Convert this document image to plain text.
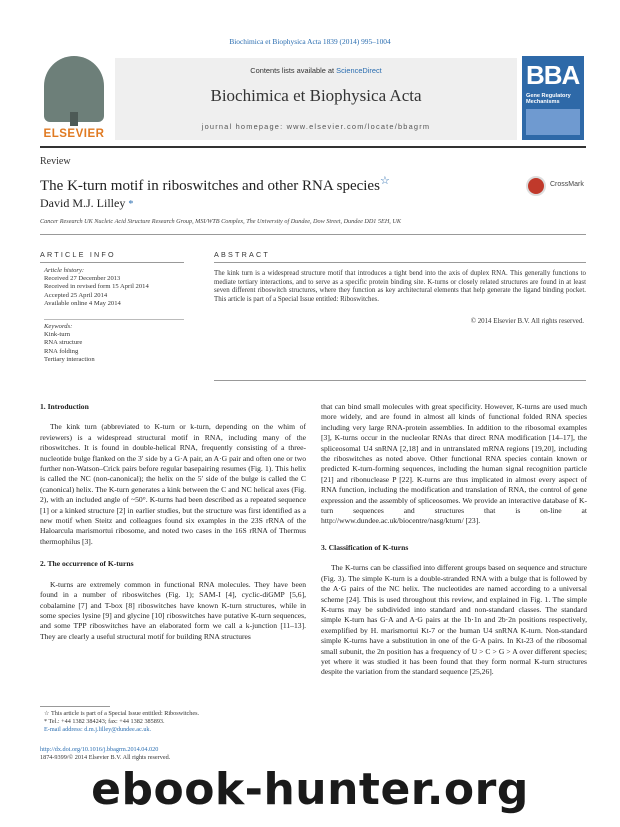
Biochimica et Biophysica Acta 1839 (2014) 995–1004
ELSEVIER
Contents lists available at ScienceDirect
Biochimica et Biophysica Acta
journal homepage: www.elsevier.com/locate/bbagrm
BBA
Gene Regulatory Mechanisms
Review
The K-turn motif in riboswitches and other RNA species☆
David M.J. Lilley *
CrossMark
Cancer Research UK Nucleic Acid Structure Research Group, MSI/WTB Complex, The University of Dundee, Dow Street, Dundee DD1 5EH, UK
ARTICLE INFO
Article history:
Received 27 December 2013
Received in revised form 15 April 2014
Accepted 25 April 2014
Available online 4 May 2014
Keywords:
Kink-turn
RNA structure
RNA folding
Tertiary interaction
ABSTRACT
The kink turn is a widespread structure motif that introduces a tight bend into the axis of duplex RNA. This generally functions to mediate tertiary interactions, and to serve as a specific protein binding site. K-turns or closely related structures are found in at least seven different riboswitch structures, where they function as key architectural elements that help generate the ligand binding pocket. This article is part of a Special Issue entitled: Riboswitches.
© 2014 Elsevier B.V. All rights reserved.
1. Introduction

The kink turn (abbreviated to K-turn or k-turn, depending on the whim of reviewers) is a widespread structural motif in RNA, including many of the riboswitches. It is found in double-helical RNA, frequently consisting of a three-nucleotide bulge flanked on the 3′ side by a G·A pair, an A·G pair and often one or two further non-Watson–Crick pairs before regular basepairing resumes (Fig. 1). This helix is called the NC (non-canonical); the helix on the 5′ side of the bulge is called the C (canonical) helix. The K-turn generates a kink between the C and NC helical axes (Fig. 2), with an included angle of ~50°. K-turns had been described as a repeated sequence [1] or a kinked structure [2] in earlier studies, but the structure was first identified as a new motif when Steitz and colleagues found six examples in the 23S rRNA of the Haloarcula marismortui ribosome, and noted two cases in the 16S rRNA of Thermus thermophilus [3].

2. The occurrence of K-turns

K-turns are extremely common in functional RNA molecules. They have been found in a number of riboswitches (Fig. 1); SAM-I [4], cyclic-diGMP [5,6], cobalamine [7] and T-box [8] riboswitches have known K-turn structures, while in some species lysine [9] and glycine [10] riboswitches have putative K-turn sequences, and some TPP riboswitches have an elaborated form we call a k-junction [11–13]. They are clearly a useful structural motif for building RNA structures

that can bind small molecules with great specificity. However, K-turns are used much more widely, and are found in almost all kinds of functional folded RNA species including very large RNA-protein assemblies. In addition to the ribosomal examples [3], K-turns occur in the nucleolar RNAs that direct RNA modification [14–17], the spliceosomal U4 snRNA [2,18] and in untranslated mRNA regions [19,20], including the riboswitches as noted above. Other functional RNA species contain known or predicted K-turn-forming sequences, including the human signal recognition particle [21] and ribonuclease P [22]. K-turns are thus implicated in almost every aspect of RNA function, including the modification and translation of RNA, the control of gene expression and the assembly of spliceosomes. We provide an interactive database of K-turn sequences and structures that is on-line at http://www.dundee.ac.uk/biocentre/nasg/kturn/ [23].

3. Classification of K-turns

The K-turns can be classified into different groups based on sequence and structure (Fig. 3). The simple K-turn is a double-stranded RNA with a bulge that is followed by the A·G pairs of the NC helix. The nucleotides are named according to a universal scheme [24]. This is used throughout this review, and explained in Fig. 1. The simple K-turns may be subdivided into standard and non-standard classes. The standard simple K-turn has G·A and A·G pairs at the 1b·1n and 2b·2n positions respectively, exemplified by H. marismortui Kt-7 or the human U4 snRNA K-turn. Non-standard simple K-turns have a substitution in one of the G·A pairs. In Kt-23 of the ribosomal small subunit, the 2n position has a frequency of U > C > G > A over different species; yet where it was studied it has been found that they form normal K-turn structures despite the variation from the standard sequence [25,26].

☆ This article is part of a Special Issue entitled: Riboswitches.
* Tel.: +44 1382 384243; fax: +44 1382 385893.
E-mail address: d.m.j.lilley@dundee.ac.uk.
http://dx.doi.org/10.1016/j.bbagrm.2014.04.020
1874-9399/© 2014 Elsevier B.V. All rights reserved.
ebook-hunter.org
